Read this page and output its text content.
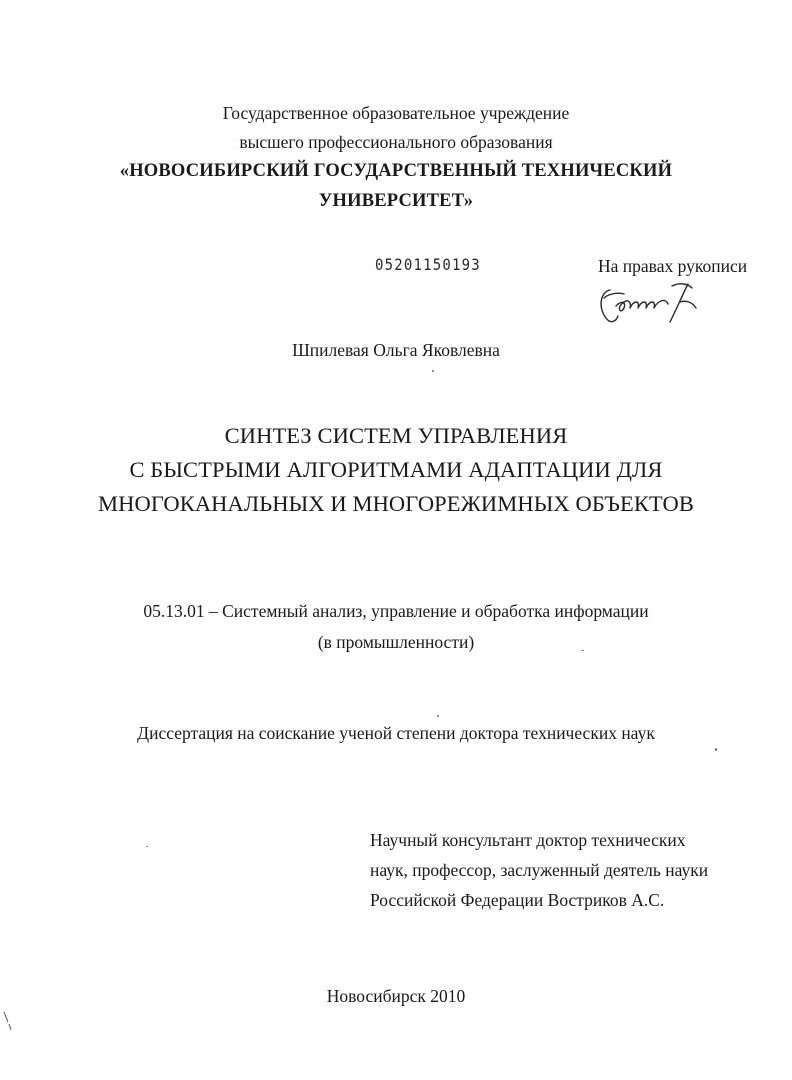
Государственное образовательное учреждение
высшего профессионального образования
«НОВОСИБИРСКИЙ ГОСУДАРСТВЕННЫЙ ТЕХНИЧЕСКИЙ
УНИВЕРСИТЕТ»
05201150193	На правах рукописи
Шпилевая Ольга Яковлевна
СИНТЕЗ СИСТЕМ УПРАВЛЕНИЯ
С БЫСТРЫМИ АЛГОРИТМАМИ АДАПТАЦИИ ДЛЯ
МНОГОКАНАЛЬНЫХ И МНОГОРЕЖИМНЫХ ОБЪЕКТОВ
05.13.01 – Системный анализ, управление и обработка информации
(в промышленности)
Диссертация на соискание ученой степени доктора технических наук
Научный консультант доктор технических
наук, профессор, заслуженный деятель науки
Российской Федерации Востриков А.С.
Новосибирск 2010
